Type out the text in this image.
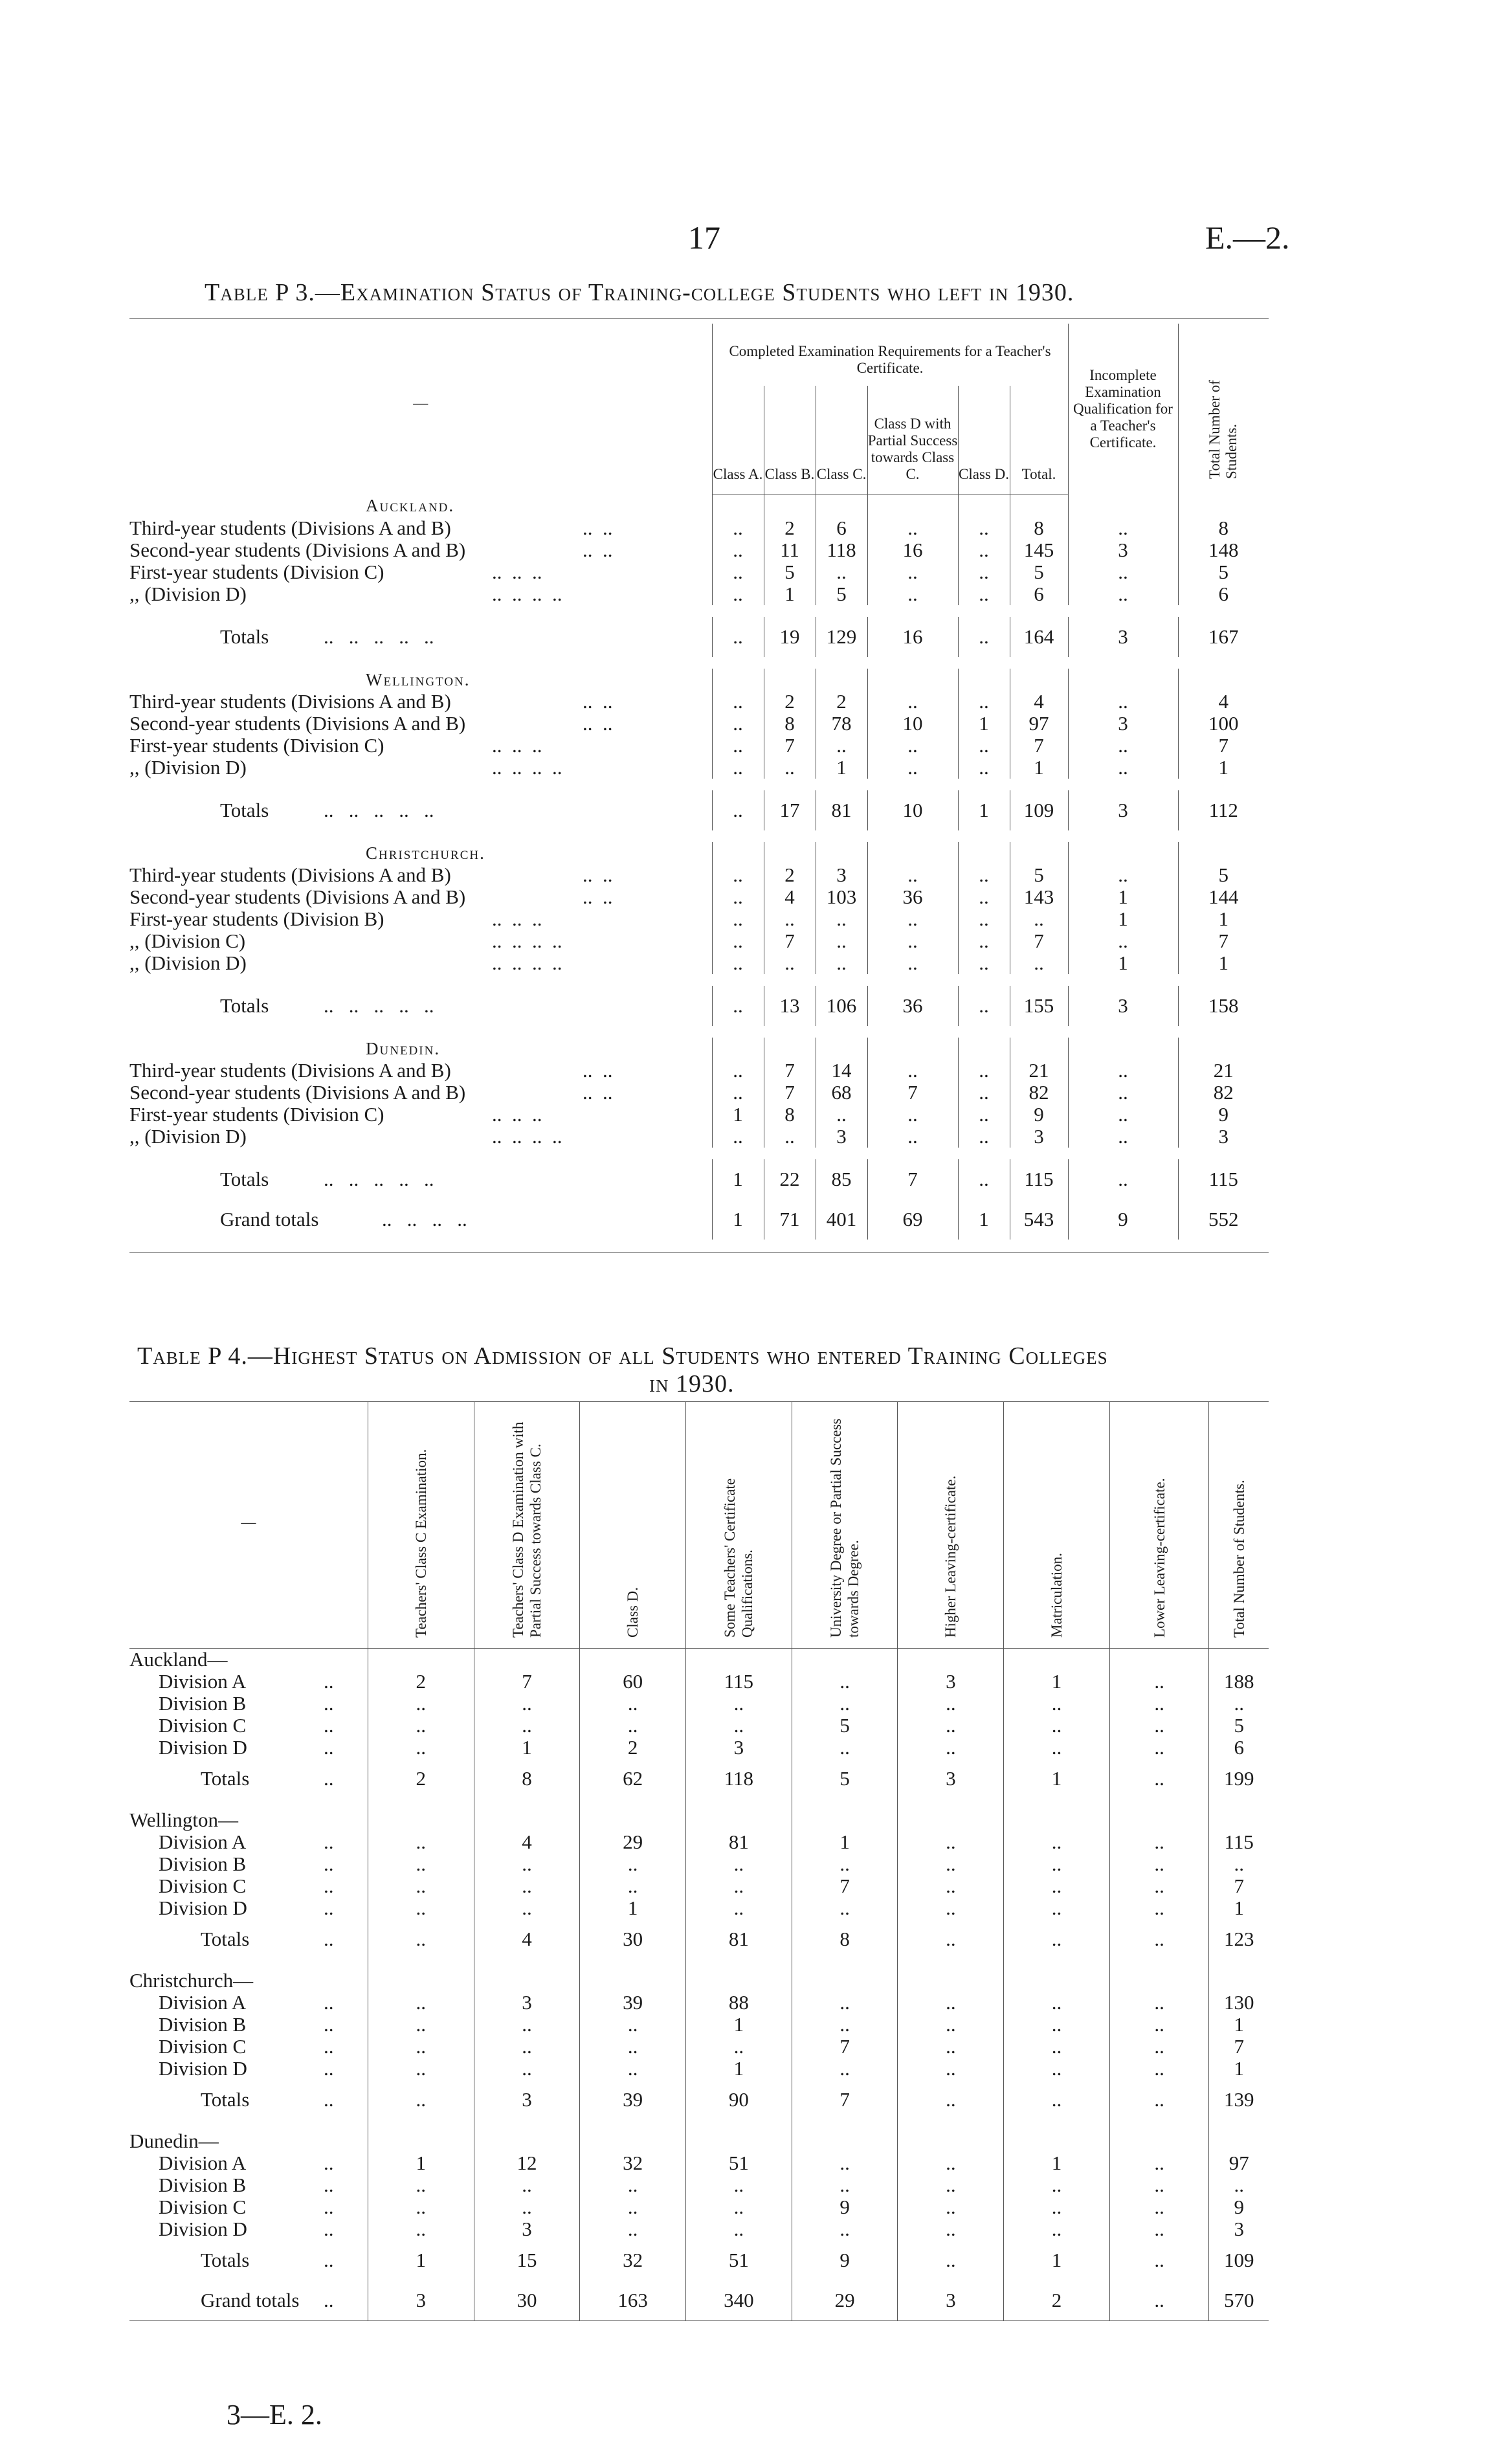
17	E.—2.
Table P 3.—Examination Status of Training-college Students who left in 1930.
—	Completed Examination Requirements for a Teacher's Certificate.						Incomplete Examination Qualification for a Teacher's Certificate.	Total Number of Students.
	Class A.	Class B.	Class C.	Class D with Partial Success towards Class C.	Class D.	Total.		
Auckland.								
Third-year students (Divisions A and B) ..  ..	..	2	6	..	..	8	..	8
Second-year students (Divisions A and B) ..  ..	..	11	118	16	..	145	3	148
First-year students (Division C) ..  ..  ..	..	5	..	..	..	5	..	5
,, (Division D) ..  ..  ..  ..	..	1	5	..	..	6	..	6

Totals ..   ..   ..   ..   ..	..	19	129	16	..	164	3	167

Wellington.								
Third-year students (Divisions A and B) ..  ..	..	2	2	..	..	4	..	4
Second-year students (Divisions A and B) ..  ..	..	8	78	10	1	97	3	100
First-year students (Division C) ..  ..  ..	..	7	..	..	..	7	..	7
,, (Division D) ..  ..  ..  ..	..	..	1	..	..	1	..	1

Totals ..   ..   ..   ..   ..	..	17	81	10	1	109	3	112

Christchurch.								
Third-year students (Divisions A and B) ..  ..	..	2	3	..	..	5	..	5
Second-year students (Divisions A and B) ..  ..	..	4	103	36	..	143	1	144
First-year students (Division B) ..  ..  ..	..	..	..	..	..	..	1	1
,, (Division C) ..  ..  ..  ..	..	7	..	..	..	7	..	7
,, (Division D) ..  ..  ..  ..	..	..	..	..	..	..	1	1

Totals ..   ..   ..   ..   ..	..	13	106	36	..	155	3	158

Dunedin.								
Third-year students (Divisions A and B) ..  ..	..	7	14	..	..	21	..	21
Second-year students (Divisions A and B) ..  ..	..	7	68	7	..	82	..	82
First-year students (Division C) ..  ..  ..	1	8	..	..	..	9	..	9
,, (Division D) ..  ..  ..  ..	..	..	3	..	..	3	..	3

Totals ..   ..   ..   ..   ..	1	22	85	7	..	115	..	115
Grand totals ..   ..   ..   ..	1	71	401	69	1	543	9	552

Table P 4.—Highest Status on Admission of all Students who entered Training Colleges
in 1930.
—	Teachers' Class C Examination.	Teachers' Class D Examination with Partial Success towards Class C.	Class D.	Some Teachers' Certificate Qualifications.	University Degree or Partial Success towards Degree.	Higher Leaving-certificate.	Matriculation.	Lower Leaving-certificate.	Total Number of Students.
Auckland—									
Division A ..	2	7	60	115	..	3	1	..	188
Division B ..	..	..	..	..	..	..	..	..	..
Division C ..	..	..	..	..	5	..	..	..	5
Division D ..	..	1	2	3	..	..	..	..	6
Totals ..	2	8	62	118	5	3	1	..	199

Wellington—									
Division A ..	..	4	29	81	1	..	..	..	115
Division B ..	..	..	..	..	..	..	..	..	..
Division C ..	..	..	..	..	7	..	..	..	7
Division D ..	..	..	1	..	..	..	..	..	1
Totals ..	..	4	30	81	8	..	..	..	123

Christchurch—									
Division A ..	..	3	39	88	..	..	..	..	130
Division B ..	..	..	..	1	..	..	..	..	1
Division C ..	..	..	..	..	7	..	..	..	7
Division D ..	..	..	..	1	..	..	..	..	1
Totals ..	..	3	39	90	7	..	..	..	139

Dunedin—									
Division A ..	1	12	32	51	..	..	1	..	97
Division B ..	..	..	..	..	..	..	..	..	..
Division C ..	..	..	..	..	9	..	..	..	9
Division D ..	..	3	..	..	..	..	..	..	3
Totals ..	1	15	32	51	9	..	1	..	109
Grand totals ..	3	30	163	340	29	3	2	..	570
3—E. 2.
